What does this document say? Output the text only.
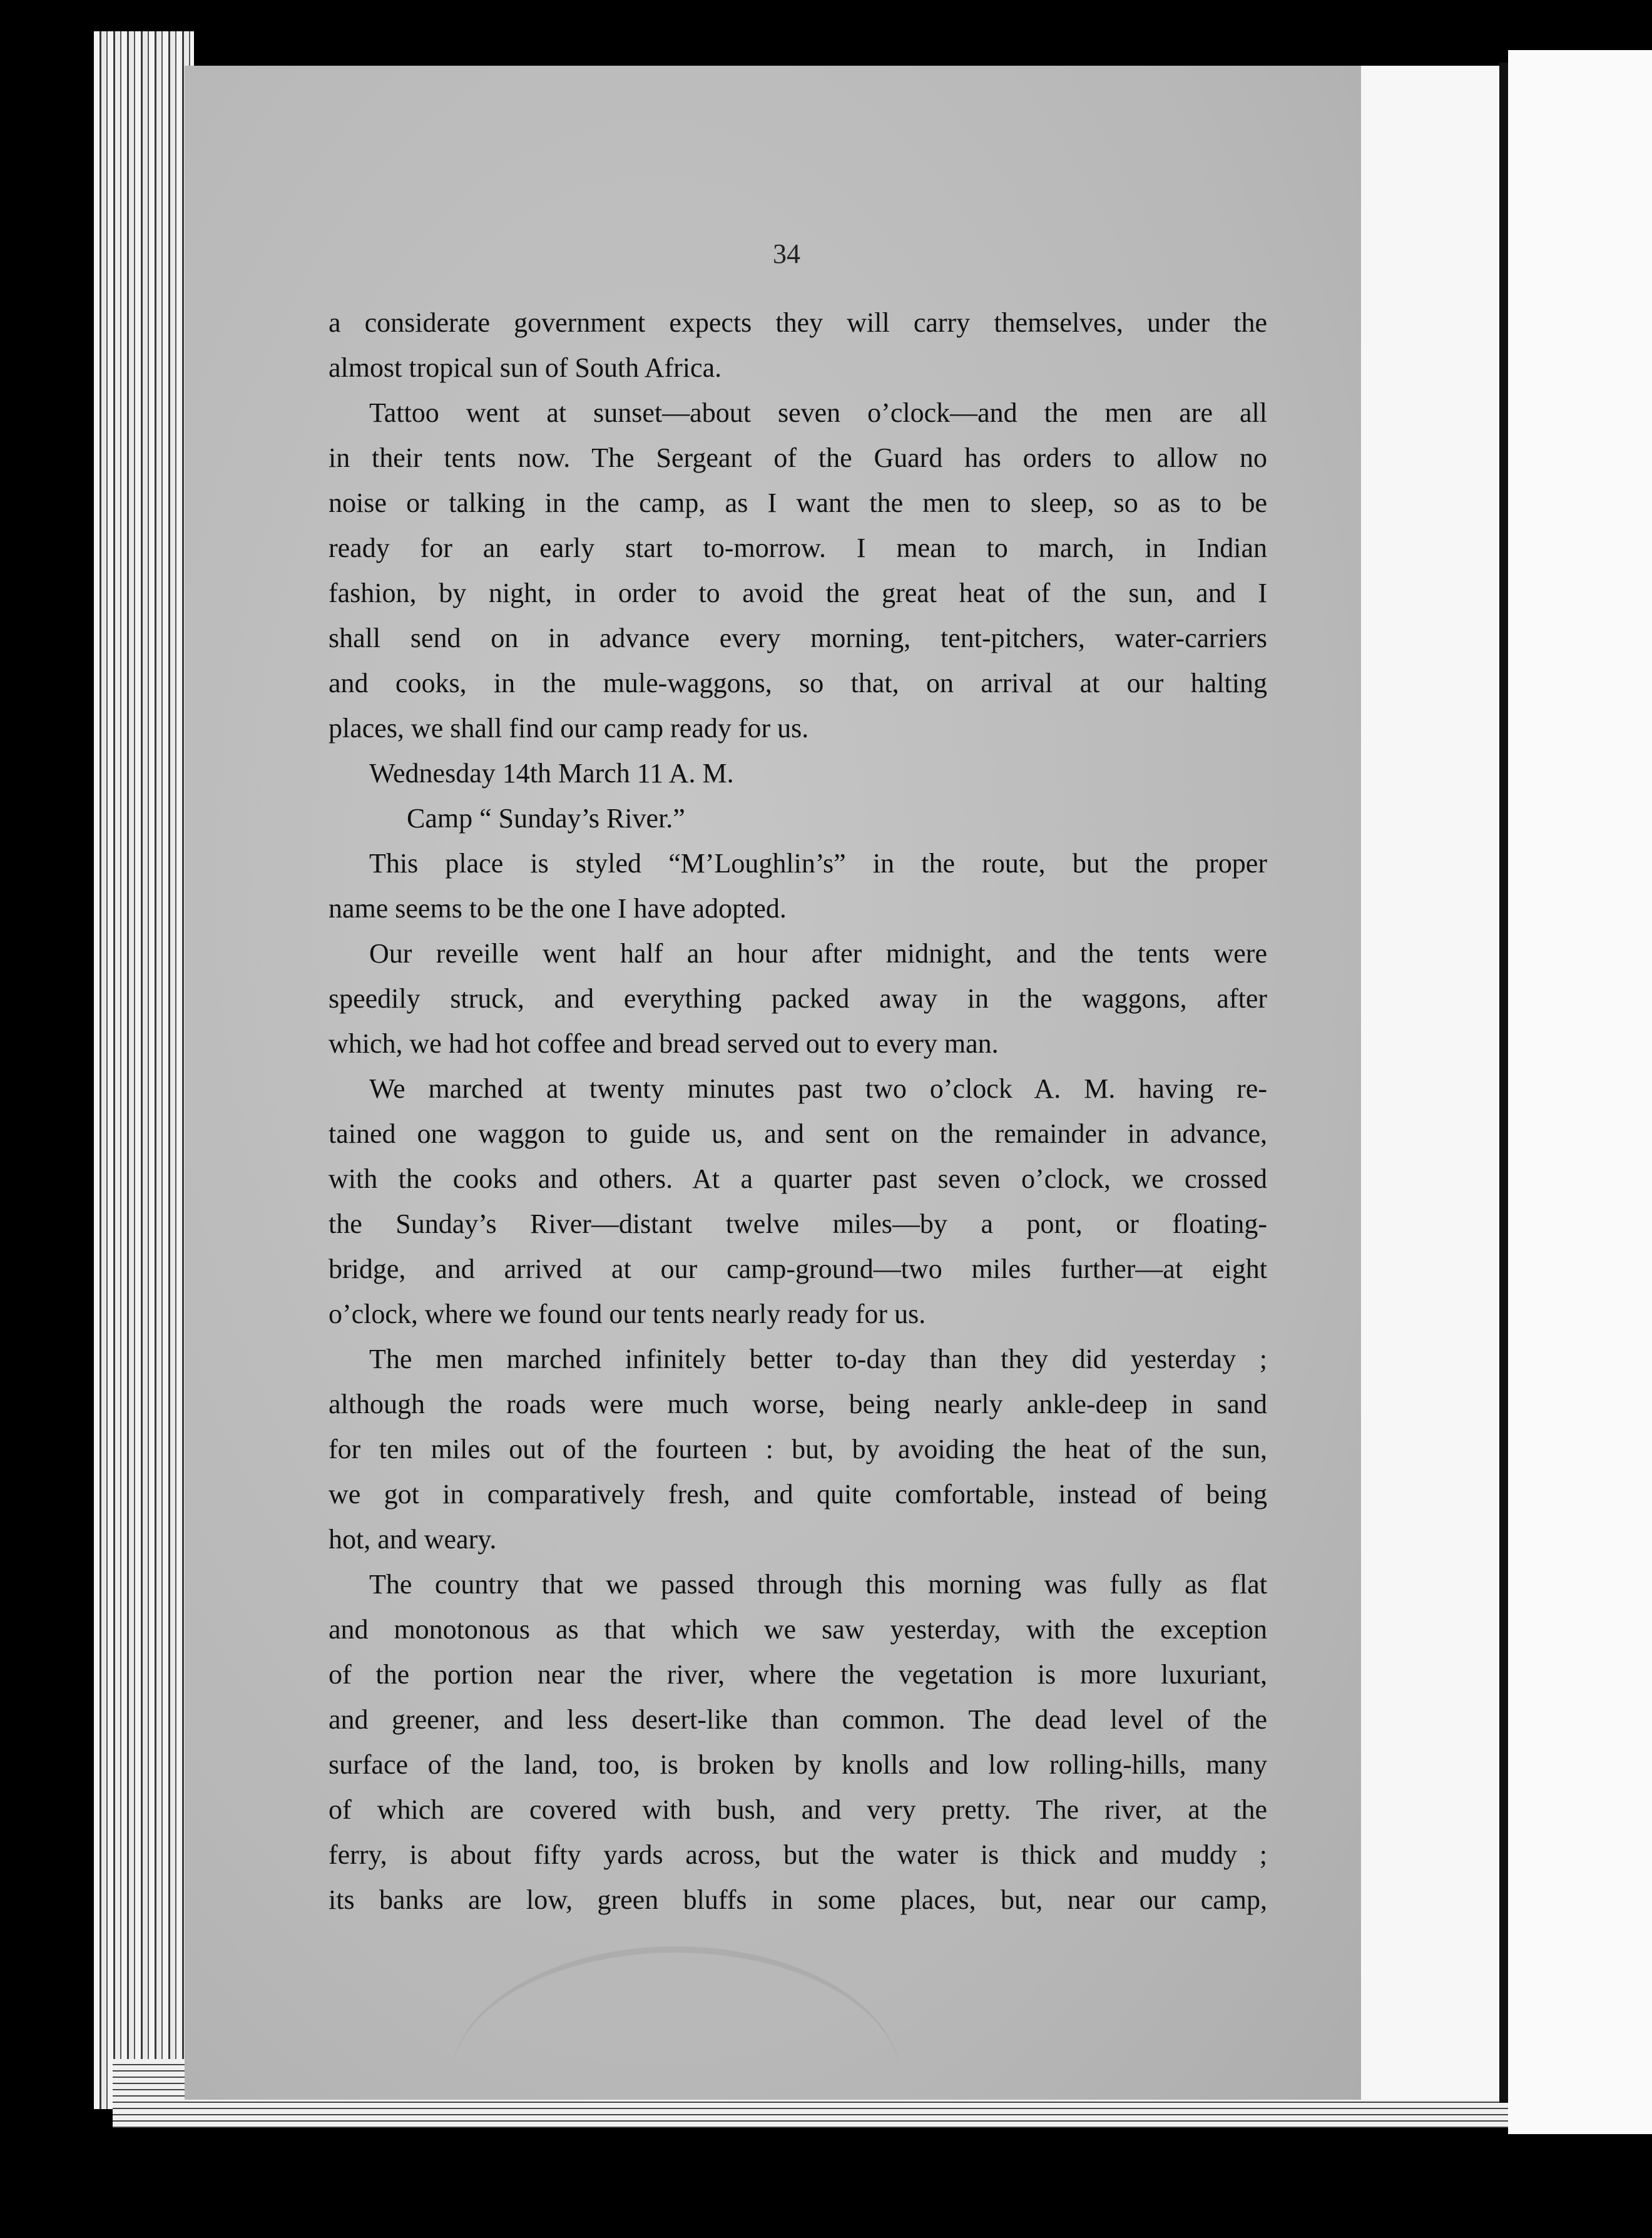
34

a considerate government expects they will carry themselves, under the
almost tropical sun of South Africa.
Tattoo went at sunset—about seven o’clock—and the men are all
in their tents now. The Sergeant of the Guard has orders to allow no
noise or talking in the camp, as I want the men to sleep, so as to be
ready for an early start to-morrow. I mean to march, in Indian
fashion, by night, in order to avoid the great heat of the sun, and I
shall send on in advance every morning, tent-pitchers, water-carriers
and cooks, in the mule-waggons, so that, on arrival at our halting
places, we shall find our camp ready for us.
Wednesday 14th March 11 A. M.
Camp “ Sunday’s River.”
This place is styled “M’Loughlin’s” in the route, but the proper
name seems to be the one I have adopted.
Our reveille went half an hour after midnight, and the tents were
speedily struck, and everything packed away in the waggons, after
which, we had hot coffee and bread served out to every man.
We marched at twenty minutes past two o’clock A. M. having re-
tained one waggon to guide us, and sent on the remainder in advance,
with the cooks and others. At a quarter past seven o’clock, we crossed
the Sunday’s River—distant twelve miles—by a pont, or floating-
bridge, and arrived at our camp-ground—two miles further—at eight
o’clock, where we found our tents nearly ready for us.
The men marched infinitely better to-day than they did yesterday ;
although the roads were much worse, being nearly ankle-deep in sand
for ten miles out of the fourteen : but, by avoiding the heat of the sun,
we got in comparatively fresh, and quite comfortable, instead of being
hot, and weary.
The country that we passed through this morning was fully as flat
and monotonous as that which we saw yesterday, with the exception
of the portion near the river, where the vegetation is more luxuriant,
and greener, and less desert-like than common. The dead level of the
surface of the land, too, is broken by knolls and low rolling-hills, many
of which are covered with bush, and very pretty. The river, at the
ferry, is about fifty yards across, but the water is thick and muddy ;
its banks are low, green bluffs in some places, but, near our camp,
